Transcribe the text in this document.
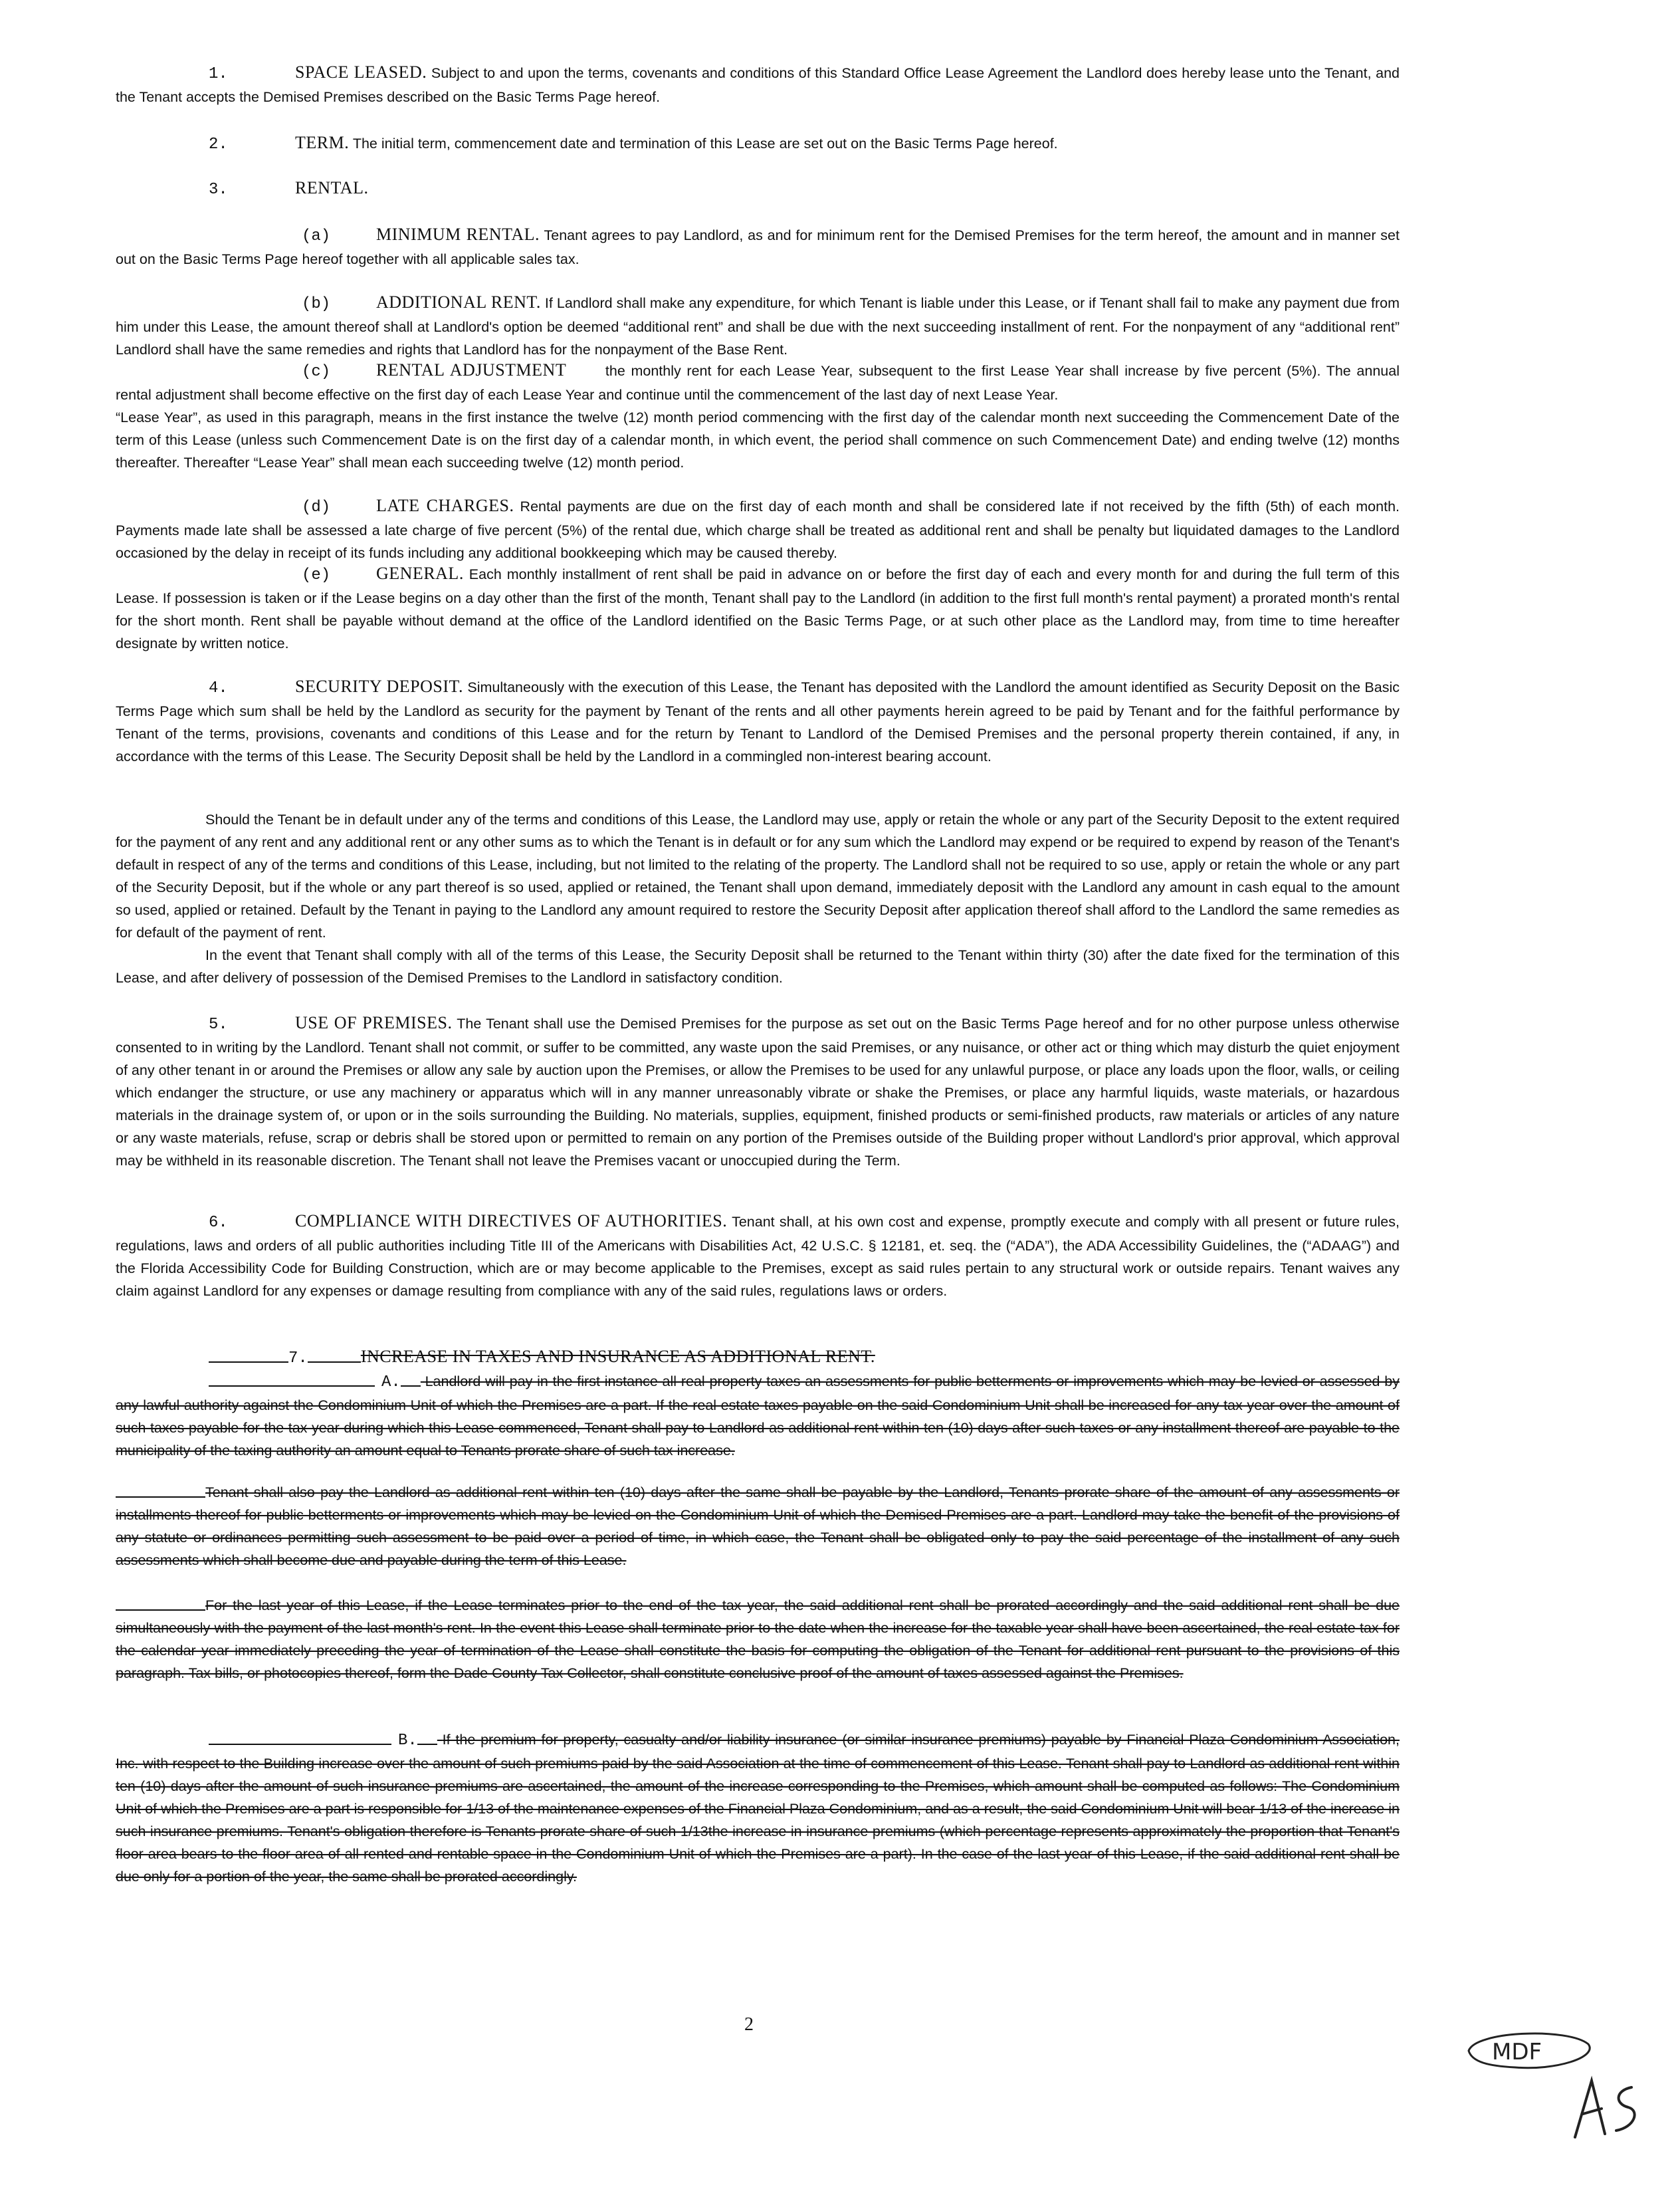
1.	SPACE LEASED. Subject to and upon the terms, covenants and conditions of this Standard Office Lease Agreement the Landlord does hereby lease unto the Tenant, and the Tenant accepts the Demised Premises described on the Basic Terms Page hereof.
2.	TERM. The initial term, commencement date and termination of this Lease are set out on the Basic Terms Page hereof.
3.	RENTAL.
(a)	MINIMUM RENTAL. Tenant agrees to pay Landlord, as and for minimum rent for the Demised Premises for the term hereof, the amount and in manner set out on the Basic Terms Page hereof together with all applicable sales tax.
(b)	ADDITIONAL RENT. If Landlord shall make any expenditure, for which Tenant is liable under this Lease, or if Tenant shall fail to make any payment due from him under this Lease, the amount thereof shall at Landlord's option be deemed “additional rent” and shall be due with the next succeeding installment of rent. For the nonpayment of any “additional rent” Landlord shall have the same remedies and rights that Landlord has for the nonpayment of the Base Rent.
(c)	RENTAL ADJUSTMENT	the monthly rent for each Lease Year, subsequent to the first Lease Year shall increase by five percent (5%). The annual rental adjustment shall become effective on the first day of each Lease Year and continue until the commencement of the last day of next Lease Year.
“Lease Year”, as used in this paragraph, means in the first instance the twelve (12) month period commencing with the first day of the calendar month next succeeding the Commencement Date of the term of this Lease (unless such Commencement Date is on the first day of a calendar month, in which event, the period shall commence on such Commencement Date) and ending twelve (12) months thereafter. Thereafter “Lease Year” shall mean each succeeding twelve (12) month period.
(d)	LATE CHARGES. Rental payments are due on the first day of each month and shall be considered late if not received by the fifth (5th) of each month. Payments made late shall be assessed a late charge of five percent (5%) of the rental due, which charge shall be treated as additional rent and shall be penalty but liquidated damages to the Landlord occasioned by the delay in receipt of its funds including any additional bookkeeping which may be caused thereby.
(e)	GENERAL. Each monthly installment of rent shall be paid in advance on or before the first day of each and every month for and during the full term of this Lease. If possession is taken or if the Lease begins on a day other than the first of the month, Tenant shall pay to the Landlord (in addition to the first full month's rental payment) a prorated month's rental for the short month. Rent shall be payable without demand at the office of the Landlord identified on the Basic Terms Page, or at such other place as the Landlord may, from time to time hereafter designate by written notice.
4.	SECURITY DEPOSIT. Simultaneously with the execution of this Lease, the Tenant has deposited with the Landlord the amount identified as Security Deposit on the Basic Terms Page which sum shall be held by the Landlord as security for the payment by Tenant of the rents and all other payments herein agreed to be paid by Tenant and for the faithful performance by Tenant of the terms, provisions, covenants and conditions of this Lease and for the return by Tenant to Landlord of the Demised Premises and the personal property therein contained, if any, in accordance with the terms of this Lease. The Security Deposit shall be held by the Landlord in a commingled non-interest bearing account.
Should the Tenant be in default under any of the terms and conditions of this Lease, the Landlord may use, apply or retain the whole or any part of the Security Deposit to the extent required for the payment of any rent and any additional rent or any other sums as to which the Tenant is in default or for any sum which the Landlord may expend or be required to expend by reason of the Tenant's default in respect of any of the terms and conditions of this Lease, including, but not limited to the relating of the property. The Landlord shall not be required to so use, apply or retain the whole or any part of the Security Deposit, but if the whole or any part thereof is so used, applied or retained, the Tenant shall upon demand, immediately deposit with the Landlord any amount in cash equal to the amount so used, applied or retained. Default by the Tenant in paying to the Landlord any amount required to restore the Security Deposit after application thereof shall afford to the Landlord the same remedies as for default of the payment of rent.
In the event that Tenant shall comply with all of the terms of this Lease, the Security Deposit shall be returned to the Tenant within thirty (30) after the date fixed for the termination of this Lease, and after delivery of possession of the Demised Premises to the Landlord in satisfactory condition.
5.	USE OF PREMISES. The Tenant shall use the Demised Premises for the purpose as set out on the Basic Terms Page hereof and for no other purpose unless otherwise consented to in writing by the Landlord. Tenant shall not commit, or suffer to be committed, any waste upon the said Premises, or any nuisance, or other act or thing which may disturb the quiet enjoyment of any other tenant in or around the Premises or allow any sale by auction upon the Premises, or allow the Premises to be used for any unlawful purpose, or place any loads upon the floor, walls, or ceiling which endanger the structure, or use any machinery or apparatus which will in any manner unreasonably vibrate or shake the Premises, or place any harmful liquids, waste materials, or hazardous materials in the drainage system of, or upon or in the soils surrounding the Building. No materials, supplies, equipment, finished products or semi-finished products, raw materials or articles of any nature or any waste materials, refuse, scrap or debris shall be stored upon or permitted to remain on any portion of the Premises outside of the Building proper without Landlord's prior approval, which approval may be withheld in its reasonable discretion. The Tenant shall not leave the Premises vacant or unoccupied during the Term.
6.	COMPLIANCE WITH DIRECTIVES OF AUTHORITIES. Tenant shall, at his own cost and expense, promptly execute and comply with all present or future rules, regulations, laws and orders of all public authorities including Title III of the Americans with Disabilities Act, 42 U.S.C. § 12181, et. seq. the (“ADA”), the ADA Accessibility Guidelines, the (“ADAAG”) and the Florida Accessibility Code for Building Construction, which are or may become applicable to the Premises, except as said rules pertain to any structural work or outside repairs. Tenant waives any claim against Landlord for any expenses or damage resulting from compliance with any of the said rules, regulations laws or orders.
7.	INCREASE IN TAXES AND INSURANCE AS ADDITIONAL RENT.
A. Landlord will pay in the first instance all real property taxes an assessments for public betterments or improvements which may be levied or assessed by any lawful authority against the Condominium Unit of which the Premises are a part. If the real estate taxes payable on the said Condominium Unit shall be increased for any tax year over the amount of such taxes payable for the tax year during which this Lease commenced, Tenant shall pay to Landlord as additional rent within ten (10) days after such taxes or any installment thereof are payable to the municipality of the taxing authority an amount equal to Tenants prorate share of such tax increase.
Tenant shall also pay the Landlord as additional rent within ten (10) days after the same shall be payable by the Landlord, Tenants prorate share of the amount of any assessments or installments thereof for public betterments or improvements which may be levied on the Condominium Unit of which the Demised Premises are a part. Landlord may take the benefit of the provisions of any statute or ordinances permitting such assessment to be paid over a period of time, in which case, the Tenant shall be obligated only to pay the said percentage of the installment of any such assessments which shall become due and payable during the term of this Lease.
For the last year of this Lease, if the Lease terminates prior to the end of the tax year, the said additional rent shall be prorated accordingly and the said additional rent shall be due simultaneously with the payment of the last month's rent. In the event this Lease shall terminate prior to the date when the increase for the taxable year shall have been ascertained, the real estate tax for the calendar year immediately preceding the year of termination of the Lease shall constitute the basis for computing the obligation of the Tenant for additional rent pursuant to the provisions of this paragraph. Tax bills, or photocopies thereof, form the Dade County Tax Collector, shall constitute conclusive proof of the amount of taxes assessed against the Premises.
B. If the premium for property, casualty and/or liability insurance (or similar insurance premiums) payable by Financial Plaza Condominium Association, Inc. with respect to the Building increase over the amount of such premiums paid by the said Association at the time of commencement of this Lease. Tenant shall pay to Landlord as additional rent within ten (10) days after the amount of such insurance premiums are ascertained, the amount of the increase corresponding to the Premises, which amount shall be computed as follows: The Condominium Unit of which the Premises are a part is responsible for 1/13 of the maintenance expenses of the Financial Plaza Condominium, and as a result, the said Condominium Unit will bear 1/13 of the increase in such insurance premiums. Tenant's obligation therefore is Tenants prorate share of such 1/13the increase in insurance premiums (which percentage represents approximately the proportion that Tenant's floor area bears to the floor area of all rented and rentable space in the Condominium Unit of which the Premises are a part). In the case of the last year of this Lease, if the said additional rent shall be due only for a portion of the year, the same shall be prorated accordingly.
2
MDF
